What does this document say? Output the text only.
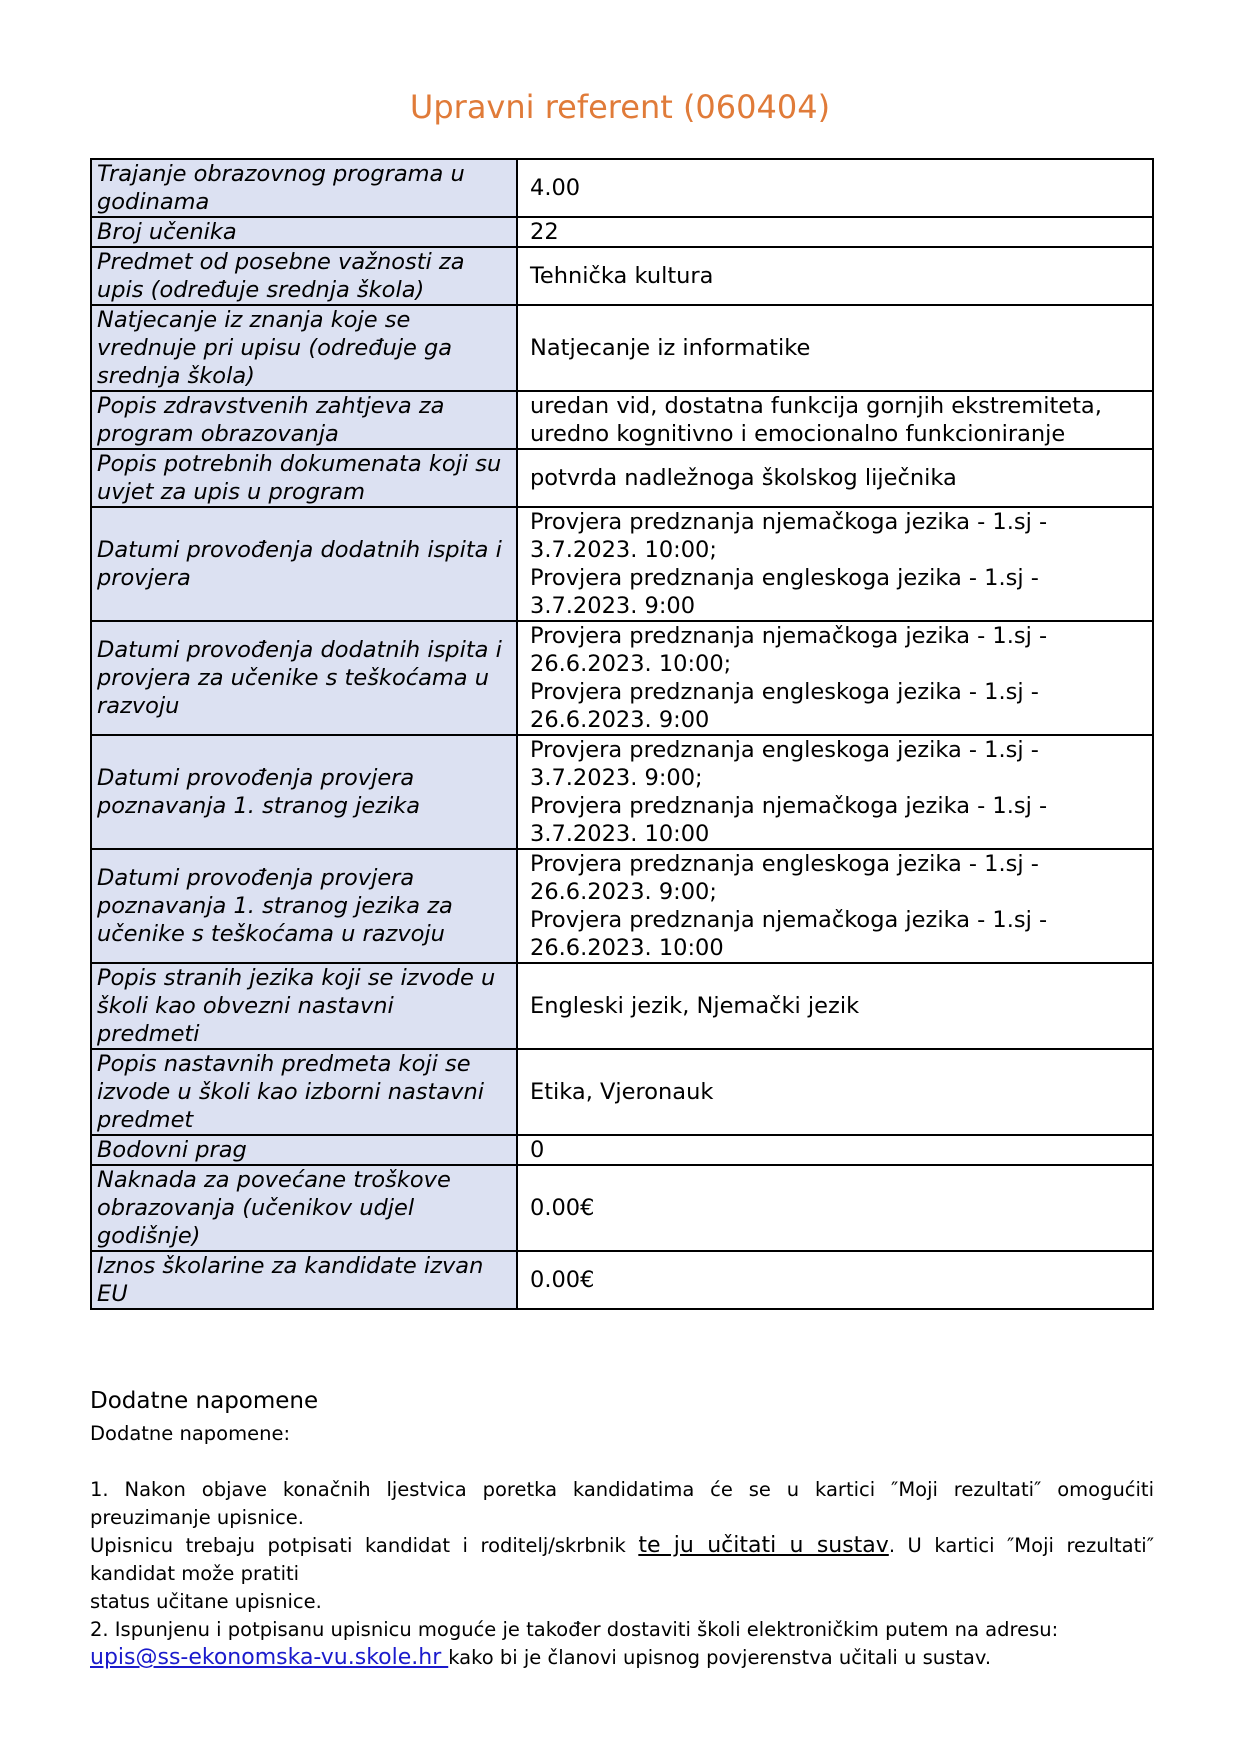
Upravni referent (060404)
Trajanje obrazovnog programa u
godinama	4.00
Broj učenika	22
Predmet od posebne važnosti za
upis (određuje srednja škola)	Tehnička kultura
Natjecanje iz znanja koje se
vrednuje pri upisu (određuje ga
srednja škola)	Natjecanje iz informatike
Popis zdravstvenih zahtjeva za
program obrazovanja	uredan vid, dostatna funkcija gornjih ekstremiteta,
uredno kognitivno i emocionalno funkcioniranje
Popis potrebnih dokumenata koji su
uvjet za upis u program	potvrda nadležnoga školskog liječnika
Datumi provođenja dodatnih ispita i
provjera	Provjera predznanja njemačkoga jezika - 1.sj -
3.7.2023. 10:00;
Provjera predznanja engleskoga jezika - 1.sj -
3.7.2023. 9:00
Datumi provođenja dodatnih ispita i
provjera za učenike s teškoćama u
razvoju	Provjera predznanja njemačkoga jezika - 1.sj -
26.6.2023. 10:00;
Provjera predznanja engleskoga jezika - 1.sj -
26.6.2023. 9:00
Datumi provođenja provjera
poznavanja 1. stranog jezika	Provjera predznanja engleskoga jezika - 1.sj -
3.7.2023. 9:00;
Provjera predznanja njemačkoga jezika - 1.sj -
3.7.2023. 10:00
Datumi provođenja provjera
poznavanja 1. stranog jezika za
učenike s teškoćama u razvoju	Provjera predznanja engleskoga jezika - 1.sj -
26.6.2023. 9:00;
Provjera predznanja njemačkoga jezika - 1.sj -
26.6.2023. 10:00
Popis stranih jezika koji se izvode u
školi kao obvezni nastavni
predmeti	Engleski jezik, Njemački jezik
Popis nastavnih predmeta koji se
izvode u školi kao izborni nastavni
predmet	Etika, Vjeronauk
Bodovni prag	0
Naknada za povećane troškove
obrazovanja (učenikov udjel
godišnje)	0.00€
Iznos školarine za kandidate izvan
EU	0.00€
Dodatne napomene

Dodatne napomene:

1. Nakon objave konačnih ljestvica poretka kandidatima će se u kartici ″Moji rezultati″ omogućiti preuzimanje upisnice.

Upisnicu trebaju potpisati kandidat i roditelj/skrbnik te ju učitati u sustav. U kartici ″Moji rezultati″ kandidat može pratiti

status učitane upisnice.

2. Ispunjenu i potpisanu upisnicu moguće je također dostaviti školi elektroničkim putem na adresu:

upis@ss-ekonomska-vu.skole.hr kako bi je članovi upisnog povjerenstva učitali u sustav.
